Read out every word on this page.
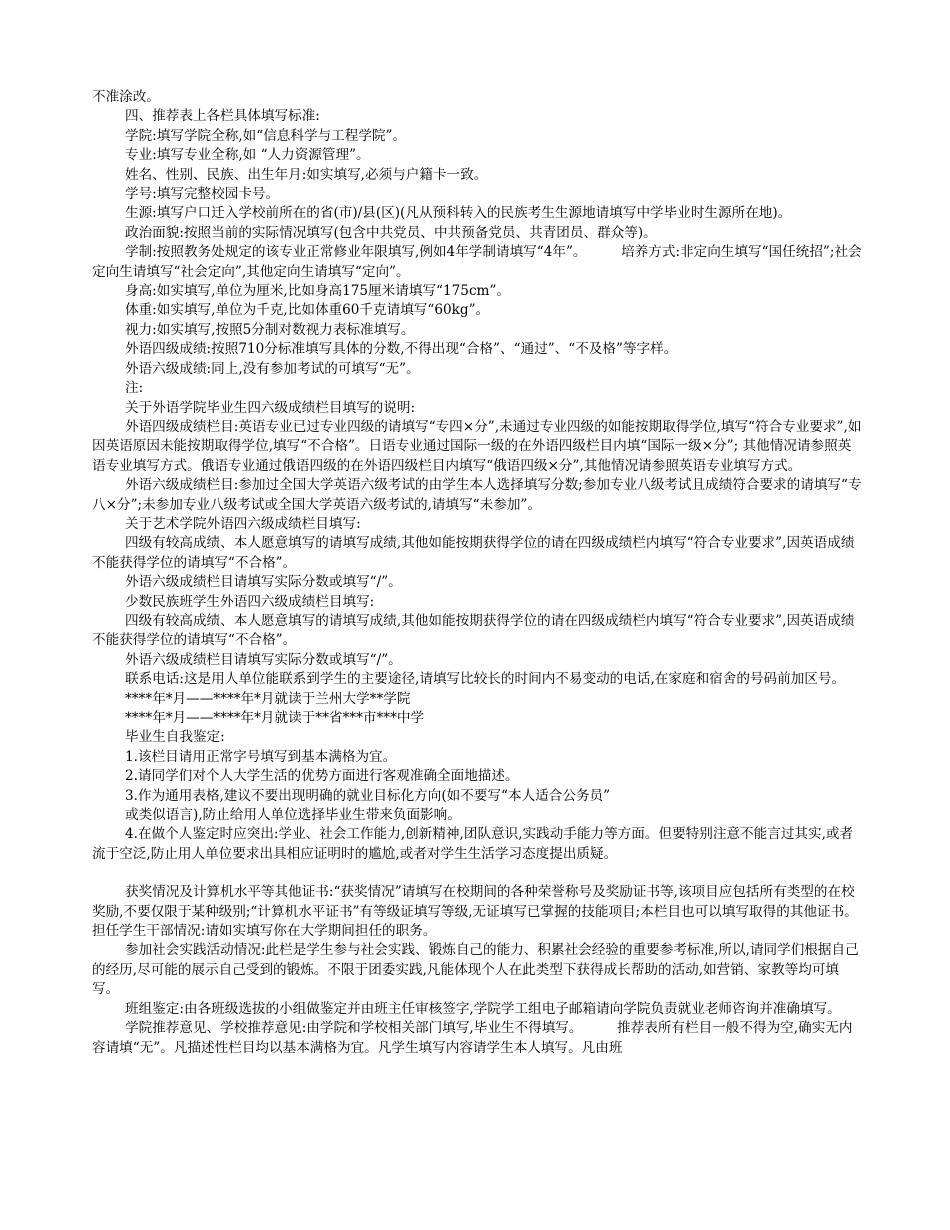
不准涂改。

四、推荐表上各栏具体填写标准:

学院:填写学院全称,如“信息科学与工程学院”。

专业:填写专业全称,如 “人力资源管理”。

姓名、性别、民族、出生年月:如实填写,必须与户籍卡一致。

学号:填写完整校园卡号。

生源:填写户口迁入学校前所在的省(市)/县(区)(凡从预科转入的民族考生生源地请填写中学毕业时生源所在地)。

政治面貌:按照当前的实际情况填写(包含中共党员、中共预备党员、共青团员、群众等)。

学制:按照教务处规定的该专业正常修业年限填写,例如4年学制请填写“4年”。        培养方式:非定向生填写“国任统招”;社会定向生请填写“社会定向”,其他定向生请填写“定向”。

身高:如实填写,单位为厘米,比如身高175厘米请填写“175cm”。

体重:如实填写,单位为千克,比如体重60千克请填写“60kg”。

视力:如实填写,按照5分制对数视力表标准填写。

外语四级成绩:按照710分标准填写具体的分数,不得出现“合格”、“通过”、“不及格”等字样。

外语六级成绩:同上,没有参加考试的可填写“无”。

注:

关于外语学院毕业生四六级成绩栏目填写的说明:

外语四级成绩栏目:英语专业已过专业四级的请填写“专四×分”,未通过专业四级的如能按期取得学位,填写“符合专业要求”,如因英语原因未能按期取得学位,填写“不合格”。日语专业通过国际一级的在外语四级栏目内填“国际一级×分”; 其他情况请参照英语专业填写方式。俄语专业通过俄语四级的在外语四级栏目内填写“俄语四级×分”,其他情况请参照英语专业填写方式。

外语六级成绩栏目:参加过全国大学英语六级考试的由学生本人选择填写分数;参加专业八级考试且成绩符合要求的请填写“专八×分”;未参加专业八级考试或全国大学英语六级考试的,请填写“未参加”。

关于艺术学院外语四六级成绩栏目填写:

四级有较高成绩、本人愿意填写的请填写成绩,其他如能按期获得学位的请在四级成绩栏内填写“符合专业要求”,因英语成绩不能获得学位的请填写“不合格”。

外语六级成绩栏目请填写实际分数或填写“/”。

少数民族班学生外语四六级成绩栏目填写:

四级有较高成绩、本人愿意填写的请填写成绩,其他如能按期获得学位的请在四级成绩栏内填写“符合专业要求”,因英语成绩不能获得学位的请填写“不合格”。

外语六级成绩栏目请填写实际分数或填写“/”。

联系电话:这是用人单位能联系到学生的主要途径,请填写比较长的时间内不易变动的电话,在家庭和宿舍的号码前加区号。

****年*月——****年*月就读于兰州大学**学院

****年*月——****年*月就读于**省***市***中学

毕业生自我鉴定:

1.该栏目请用正常字号填写到基本满格为宜。

2.请同学们对个人大学生活的优势方面进行客观准确全面地描述。

3.作为通用表格,建议不要出现明确的就业目标化方向(如不要写“本人适合公务员”

或类似语言),防止给用人单位选择毕业生带来负面影响。

4.在做个人鉴定时应突出:学业、社会工作能力,创新精神,团队意识,实践动手能力等方面。但要特别注意不能言过其实,或者流于空泛,防止用人单位要求出具相应证明时的尴尬,或者对学生生活学习态度提出质疑。

获奖情况及计算机水平等其他证书:“获奖情况”请填写在校期间的各种荣誉称号及奖励证书等,该项目应包括所有类型的在校奖励,不要仅限于某种级别;“计算机水平证书”有等级证填写等级,无证填写已掌握的技能项目;本栏目也可以填写取得的其他证书。        担任学生干部情况:请如实填写你在大学期间担任的职务。

参加社会实践活动情况:此栏是学生参与社会实践、锻炼自己的能力、积累社会经验的重要参考标准,所以,请同学们根据自己的经历,尽可能的展示自己受到的锻炼。不限于团委实践,凡能体现个人在此类型下获得成长帮助的活动,如营销、家教等均可填写。

班组鉴定:由各班级选拔的小组做鉴定并由班主任审核签字,学院学工组电子邮箱请向学院负责就业老师咨询并准确填写。

学院推荐意见、学校推荐意见:由学院和学校相关部门填写,毕业生不得填写。        推荐表所有栏目一般不得为空,确实无内容请填“无”。凡描述性栏目均以基本满格为宜。凡学生填写内容请学生本人填写。凡由班
